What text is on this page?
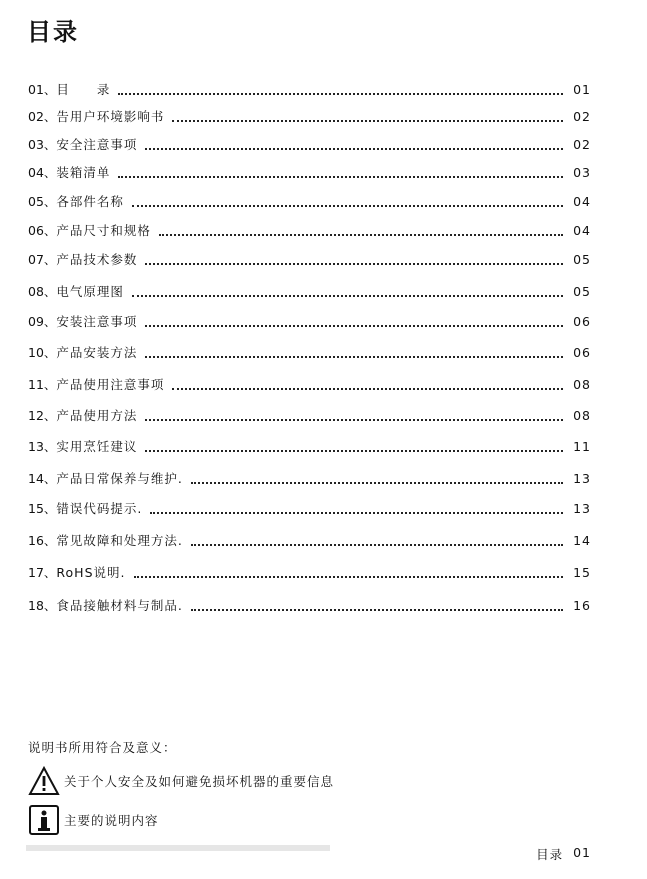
目录
01、 目　　录	01
02、 告用户环境影响书	02
03、 安全注意事项	02
04、 装箱清单	03
05、 各部件名称	04
06、 产品尺寸和规格	04
07、 产品技术参数	05
08、 电气原理图	05
09、 安装注意事项	06
10、 产品安装方法	06
11、 产品使用注意事项	08
12、 产品使用方法	08
13、 实用烹饪建议	11
14、 产品日常保养与维护.	13
15、 错误代码提示.	13
16、 常见故障和处理方法.	14
17、 RoHS说明.	15
18、 食品接触材料与制品.	16
说明书所用符合及意义：
关于个人安全及如何避免损坏机器的重要信息
主要的说明内容
目录 01
